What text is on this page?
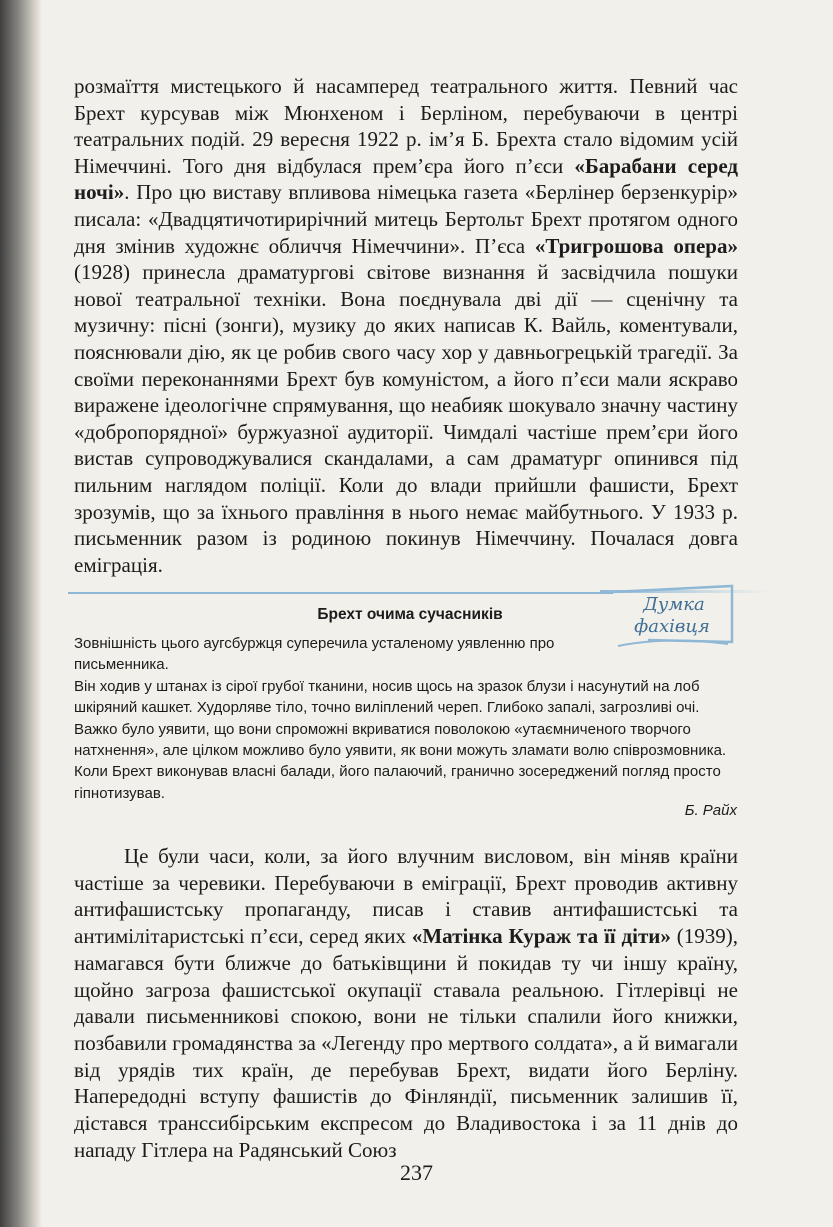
розмаїття мистецького й насамперед театрального життя. Певний час Брехт курсував між Мюнхеном і Берліном, перебуваючи в центрі театральних подій. 29 вересня 1922 р. ім’я Б. Брехта стало відомим усій Німеччині. Того дня відбулася прем’єра його п’єси «Барабани серед ночі». Про цю виставу впливова німецька газета «Берлінер берзенкурір» писала: «Двадцятичотирирічний митець Бертольт Брехт протягом одного дня змінив художнє обличчя Німеччини». П’єса «Тригрошова опера» (1928) принесла драматургові світове визнання й засвідчила пошуки нової театральної техніки. Вона поєднувала дві дії — сценічну та музичну: пісні (зонги), музику до яких написав К. Вайль, коментували, пояснювали дію, як це робив свого часу хор у давньогрецькій трагедії. За своїми переконаннями Брехт був комуністом, а його п’єси мали яскраво виражене ідеологічне спрямування, що неабияк шокувало значну частину «добропорядної» буржуазної аудиторії. Чимдалі частіше прем’єри його вистав супроводжувалися скандалами, а сам драматург опинився під пильним наглядом поліції. Коли до влади прийшли фашисти, Брехт зрозумів, що за їхнього правління в нього немає майбутнього. У 1933 р. письменник разом із родиною покинув Німеччину. Почалася довга еміграція.

Думка
фахівця
Брехт очима сучасників

Зовнішність цього аугсбуржця суперечила усталеному уявленню про письменника.
Він ходив у штанах із сірої грубої тканини, носив щось на зразок блузи і насунутий на лоб шкіряний кашкет. Худорляве тіло, точно виліплений череп. Глибоко запалі, загрозливі очі. Важко було уявити, що вони спроможні вкриватися поволокою «утаємниченого творчого натхнення», але цілком можливо було уявити, як вони можуть зламати волю співрозмовника. Коли Брехт виконував власні балади, його палаючий, гранично зосереджений погляд просто гіпнотизував.

Б. Райх

Це були часи, коли, за його влучним висловом, він міняв країни частіше за черевики. Перебуваючи в еміграції, Брехт проводив активну антифашистську пропаганду, писав і ставив антифашистські та антимілітаристські п’єси, серед яких «Матінка Кураж та її діти» (1939), намагався бути ближче до батьківщини й покидав ту чи іншу країну, щойно загроза фашистської окупації ставала реальною. Гітлерівці не давали письменникові спокою, вони не тільки спалили його книжки, позбавили громадянства за «Легенду про мертвого солдата», а й вимагали від урядів тих країн, де перебував Брехт, видати його Берліну. Напередодні вступу фашистів до Фінляндії, письменник залишив її, дістався транссибірським експресом до Владивостока і за 11 днів до нападу Гітлера на Радянський Союз

237
